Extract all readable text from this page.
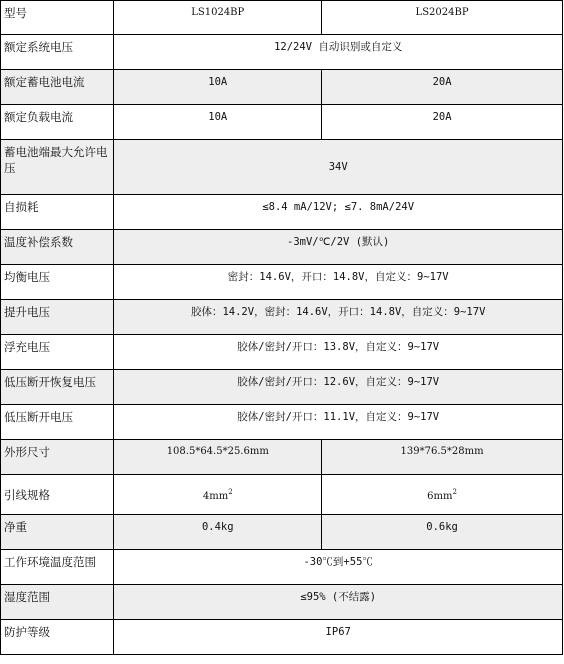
型号	LS1024BP	LS2024BP
额定系统电压	12/24V 自动识别或自定义	
额定蓄电池电流	10A	20A
额定负载电流	10A	20A
蓄电池端最大允许电压	34V	
自损耗	≤8.4 mA/12V; ≤7. 8mA/24V	
温度补偿系数	-3mV/℃/2V (默认)	
均衡电压	密封：14.6V，开口：14.8V，自定义：9~17V	
提升电压	胶体：14.2V，密封：14.6V，开口：14.8V，自定义：9~17V	
浮充电压	胶体/密封/开口：13.8V，自定义：9~17V	
低压断开恢复电压	胶体/密封/开口：12.6V，自定义：9~17V	
低压断开电压	胶体/密封/开口：11.1V，自定义：9~17V	
外形尺寸	108.5*64.5*25.6mm	139*76.5*28mm
引线规格	$4mm^2$	$6mm^2$
净重	0.4kg	0.6kg
工作环境温度范围	-30℃到+55℃	
湿度范围	≤95% (不结露)	
防护等级	IP67	
